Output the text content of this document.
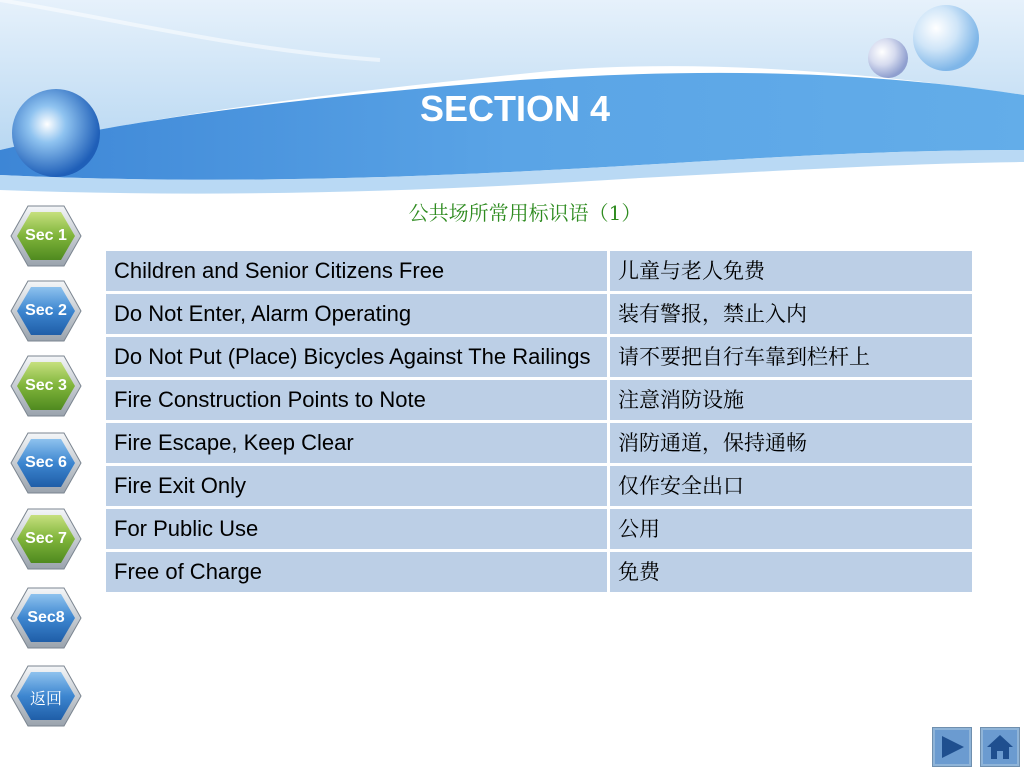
SECTION 4
公共场所常用标识语（1）
Children and Senior Citizens Free	儿童与老人免费
Do Not Enter, Alarm Operating	装有警报，禁止入内
Do Not Put (Place) Bicycles Against The Railings	请不要把自行车靠到栏杆上
Fire Construction Points to Note	注意消防设施
Fire Escape, Keep Clear	消防通道，保持通畅
Fire Exit Only	仅作安全出口
For Public Use	公用
Free of Charge	免费
Sec 1
Sec 2
Sec 3
Sec 6
Sec 7
Sec8
返回
